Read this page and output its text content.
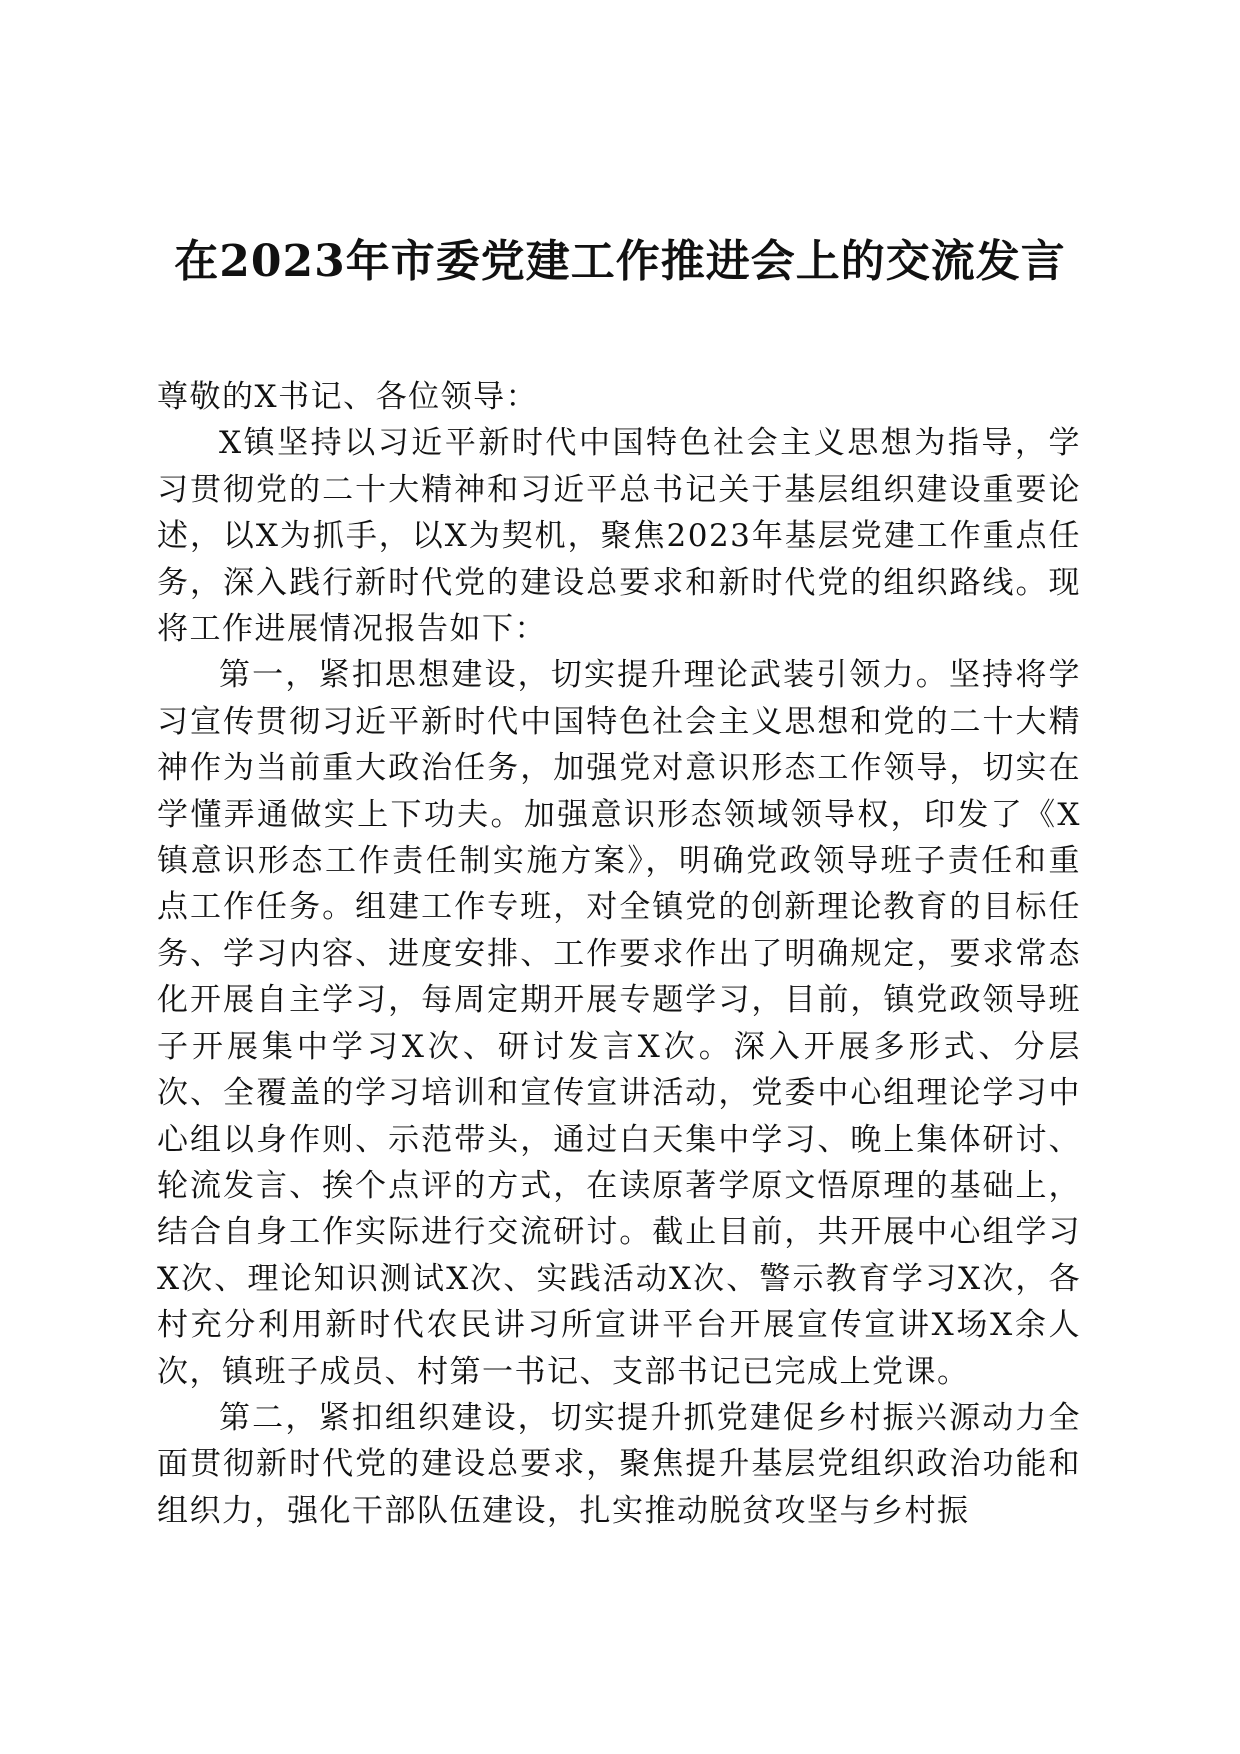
在2023年市委党建工作推进会上的交流发言

尊敬的X书记、各位领导：

X镇坚持以习近平新时代中国特色社会主义思想为指导，学习贯彻党的二十大精神和习近平总书记关于基层组织建设重要论述，以X为抓手，以X为契机，聚焦2023年基层党建工作重点任务，深入践行新时代党的建设总要求和新时代党的组织路线。现将工作进展情况报告如下：

第一，紧扣思想建设，切实提升理论武装引领力。坚持将学习宣传贯彻习近平新时代中国特色社会主义思想和党的二十大精神作为当前重大政治任务，加强党对意识形态工作领导，切实在学懂弄通做实上下功夫。加强意识形态领域领导权，印发了《X镇意识形态工作责任制实施方案》，明确党政领导班子责任和重点工作任务。组建工作专班，对全镇党的创新理论教育的目标任务、学习内容、进度安排、工作要求作出了明确规定，要求常态化开展自主学习，每周定期开展专题学习，目前，镇党政领导班子开展集中学习X次、研讨发言X次。深入开展多形式、分层次、全覆盖的学习培训和宣传宣讲活动，党委中心组理论学习中心组以身作则、示范带头，通过白天集中学习、晚上集体研讨、轮流发言、挨个点评的方式，在读原著学原文悟原理的基础上，结合自身工作实际进行交流研讨。截止目前，共开展中心组学习X次、理论知识测试X次、实践活动X次、警示教育学习X次，各村充分利用新时代农民讲习所宣讲平台开展宣传宣讲X场X余人次，镇班子成员、村第一书记、支部书记已完成上党课。

第二，紧扣组织建设，切实提升抓党建促乡村振兴源动力全面贯彻新时代党的建设总要求，聚焦提升基层党组织政治功能和组织力，强化干部队伍建设，扎实推动脱贫攻坚与乡村振
